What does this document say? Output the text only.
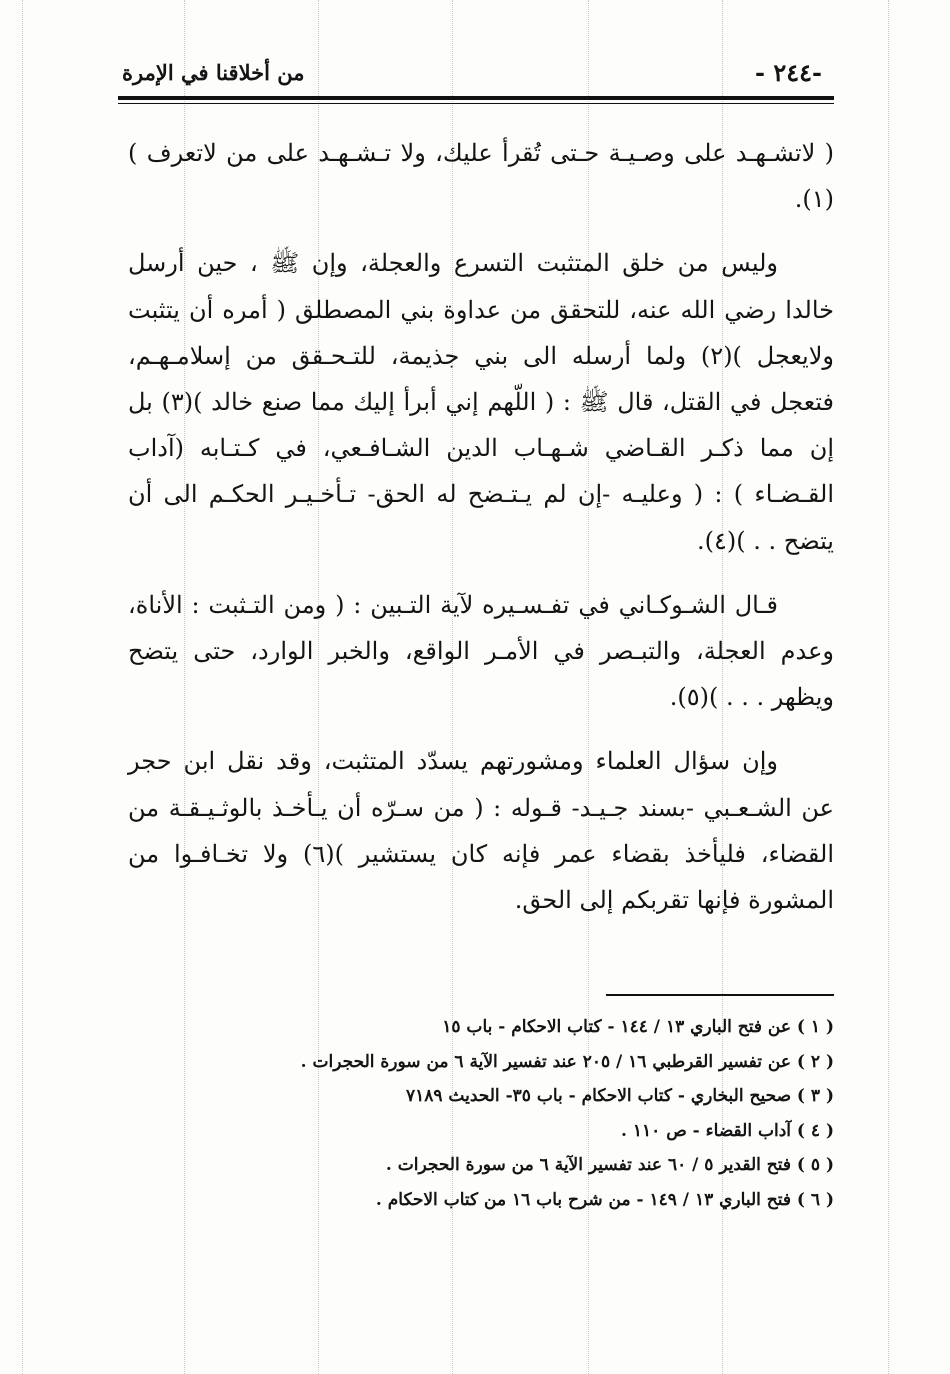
-٢٤٤ -
من أخلاقنا في الإمرة

( لاتشـهـد على وصـيـة حـتى تُقرأ عليك، ولا تـشـهـد على من لاتعرف )(١).

وليس من خلق المتثبت التسرع والعجلة، وإن ﷺ ، حين أرسل خالدا رضي الله عنه، للتحقق من عداوة بني المصطلق ( أمره أن يتثبت ولايعجل )(٢) ولما أرسله الى بني جذيمة، للتـحـقق من إسلامـهـم، فتعجل في القتل، قال ﷺ : ( اللّهم إني أبرأ إليك مما صنع خالد )(٣) بل إن مما ذكـر القـاضي شـهـاب الدين الشـافـعي، في كـتـابه (آداب القـضـاء ) : ( وعليـه -إن لم يـتـضح له الحق- تـأخـيـر الحكـم الى أن يتضح . . )(٤).

قـال الشـوكـاني في تفـسـيره لآية التـبين : ( ومن التـثبت : الأناة، وعدم العجلة، والتبـصر في الأمـر الواقع، والخبر الوارد، حتى يتضح ويظهر . . . )(٥).

وإن سؤال العلماء ومشورتهم يسدّد المتثبت، وقد نقل ابن حجر عن الشـعـبي -بسند جـيـد- قـوله : ( من سـرّه أن يـأخـذ بالوثـيـقـة من القضاء، فليأخذ بقضاء عمر فإنه كان يستشير )(٦) ولا تخـافـوا من المشورة فإنها تقربكم إلى الحق.

( ١ ) عن فتح الباري ١٣ / ١٤٤ - كتاب الاحكام - باب ١٥
( ٢ ) عن تفسير القرطبي ١٦ / ٢٠٥ عند تفسير الآية ٦ من سورة الحجرات .
( ٣ ) صحيح البخاري - كتاب الاحكام - باب ٣٥- الحديث ٧١٨٩
( ٤ ) آداب القضاء - ص ١١٠ .
( ٥ ) فتح القدير ٥ / ٦٠ عند تفسير الآية ٦ من سورة الحجرات .
( ٦ ) فتح الباري ١٣ / ١٤٩ - من شرح باب ١٦ من كتاب الاحكام .
